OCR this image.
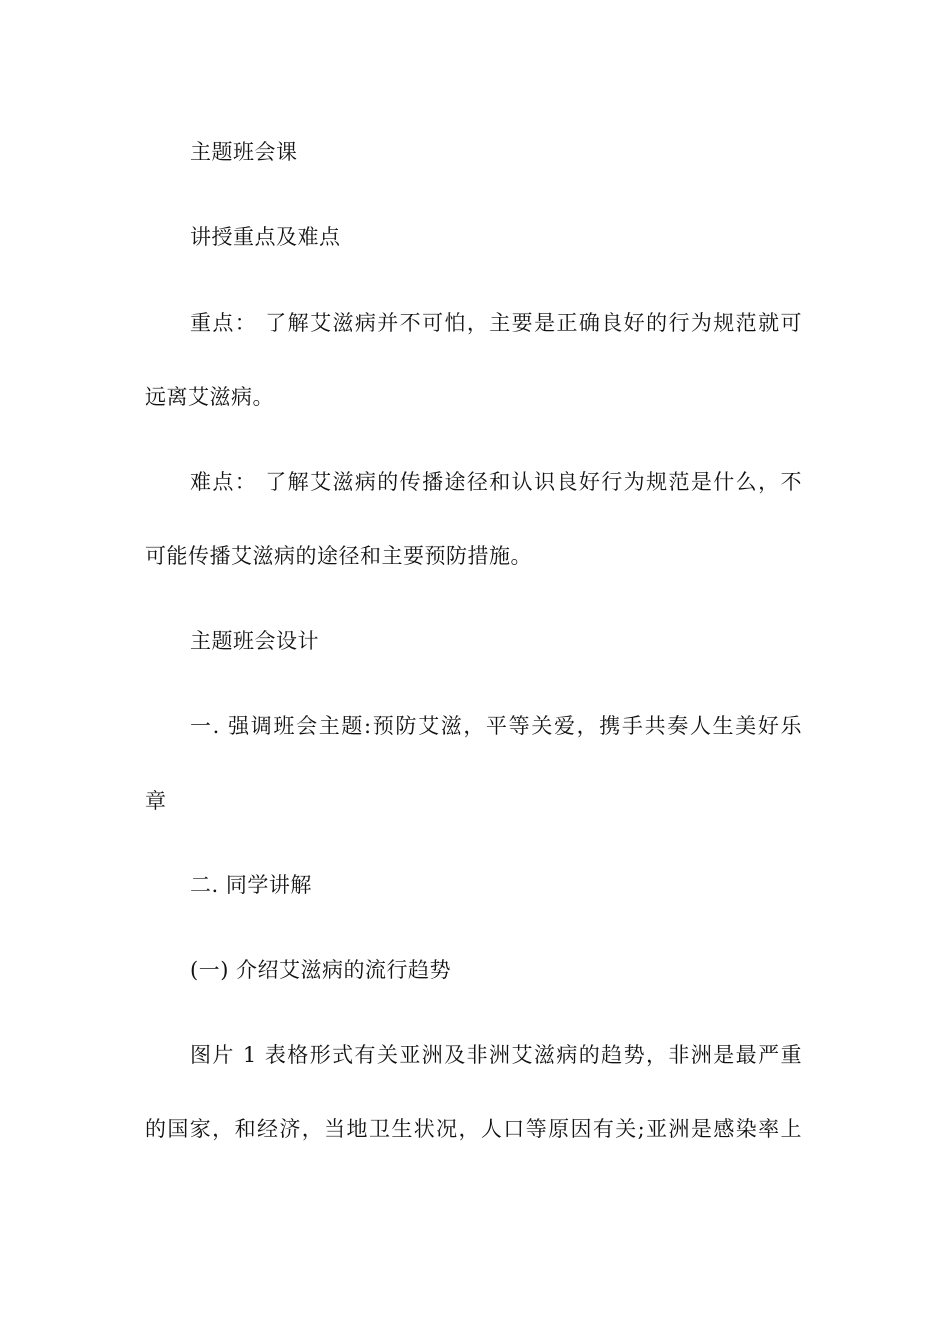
主题班会课
讲授重点及难点
重点： 了解艾滋病并不可怕，主要是正确良好的行为规范就可
远离艾滋病。
难点： 了解艾滋病的传播途径和认识良好行为规范是什么，不
可能传播艾滋病的途径和主要预防措施。
主题班会设计
一. 强调班会主题:预防艾滋，平等关爱，携手共奏人生美好乐
章
二. 同学讲解
(一) 介绍艾滋病的流行趋势
图片 1 表格形式有关亚洲及非洲艾滋病的趋势，非洲是最严重
的国家，和经济，当地卫生状况，人口等原因有关;亚洲是感染率上
